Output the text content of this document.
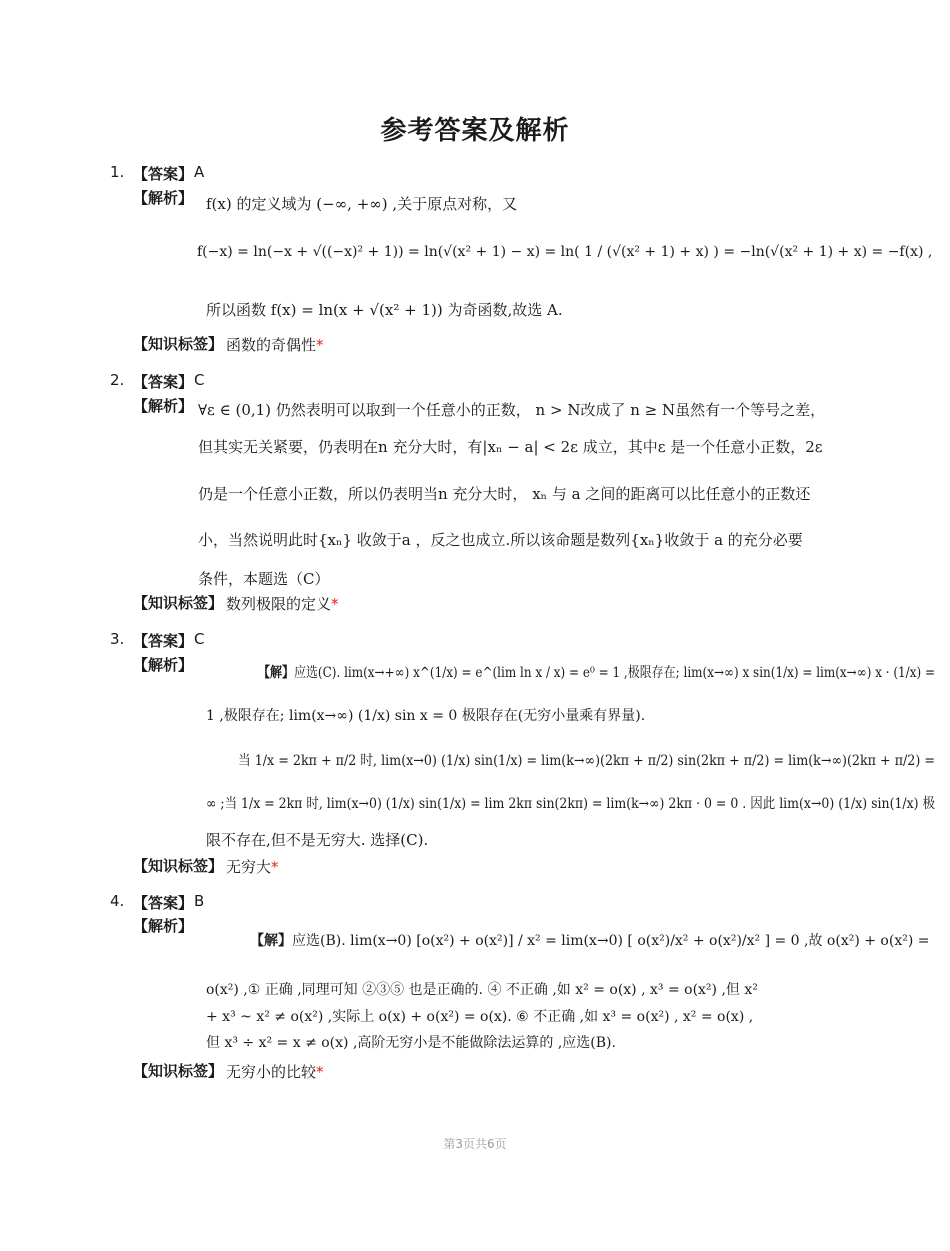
参考答案及解析
1. 【答案】 A
【解析】 f(x) 的定义域为 (−∞, +∞) ,关于原点对称，又
f(−x) = ln(−x + √((−x)² + 1)) = ln(√(x² + 1) − x) = ln( 1 / (√(x² + 1) + x) ) = −ln(√(x² + 1) + x) = −f(x) ,
所以函数 f(x) = ln(x + √(x² + 1)) 为奇函数,故选 A.
【知识标签】 函数的奇偶性*
2. 【答案】 C
【解析】 ∀ε ∈ (0,1) 仍然表明可以取到一个任意小的正数， n > N改成了 n ≥ N虽然有一个等号之差，
但其实无关紧要，仍表明在n 充分大时，有|xₙ − a| < 2ε 成立，其中ε 是一个任意小正数，2ε
仍是一个任意小正数，所以仍表明当n 充分大时， xₙ 与 a 之间的距离可以比任意小的正数还
小，当然说明此时{xₙ} 收敛于a ，反之也成立.所以该命题是数列{xₙ}收敛于 a 的充分必要
条件，本题选（C）
【知识标签】 数列极限的定义*
3. 【答案】 C
【解析】	【解】应选(C). lim(x→+∞) x^(1/x) = e^(lim ln x / x) = e⁰ = 1 ,极限存在; lim(x→∞) x sin(1/x) = lim(x→∞) x · (1/x) =
1 ,极限存在; lim(x→∞) (1/x) sin x = 0 极限存在(无穷小量乘有界量).
当 1/x = 2kπ + π/2 时, lim(x→0) (1/x) sin(1/x) = lim(k→∞)(2kπ + π/2) sin(2kπ + π/2) = lim(k→∞)(2kπ + π/2) =
∞ ;当 1/x = 2kπ 时, lim(x→0) (1/x) sin(1/x) = lim 2kπ sin(2kπ) = lim(k→∞) 2kπ · 0 = 0 . 因此 lim(x→0) (1/x) sin(1/x) 极
限不存在,但不是无穷大. 选择(C).
【知识标签】 无穷大*
4. 【答案】 B
【解析】
【解】应选(B). lim(x→0) [o(x²) + o(x²)] / x² = lim(x→0) [ o(x²)/x² + o(x²)/x² ] = 0 ,故 o(x²) + o(x²) =
o(x²) ,① 正确 ,同理可知 ②③⑤ 也是正确的. ④ 不正确 ,如 x² = o(x) , x³ = o(x²) ,但 x²
+ x³ ~ x² ≠ o(x²) ,实际上 o(x) + o(x²) = o(x). ⑥ 不正确 ,如 x³ = o(x²) , x² = o(x) ,
但 x³ ÷ x² = x ≠ o(x) ,高阶无穷小是不能做除法运算的 ,应选(B).
【知识标签】 无穷小的比较*
第3页共6页
